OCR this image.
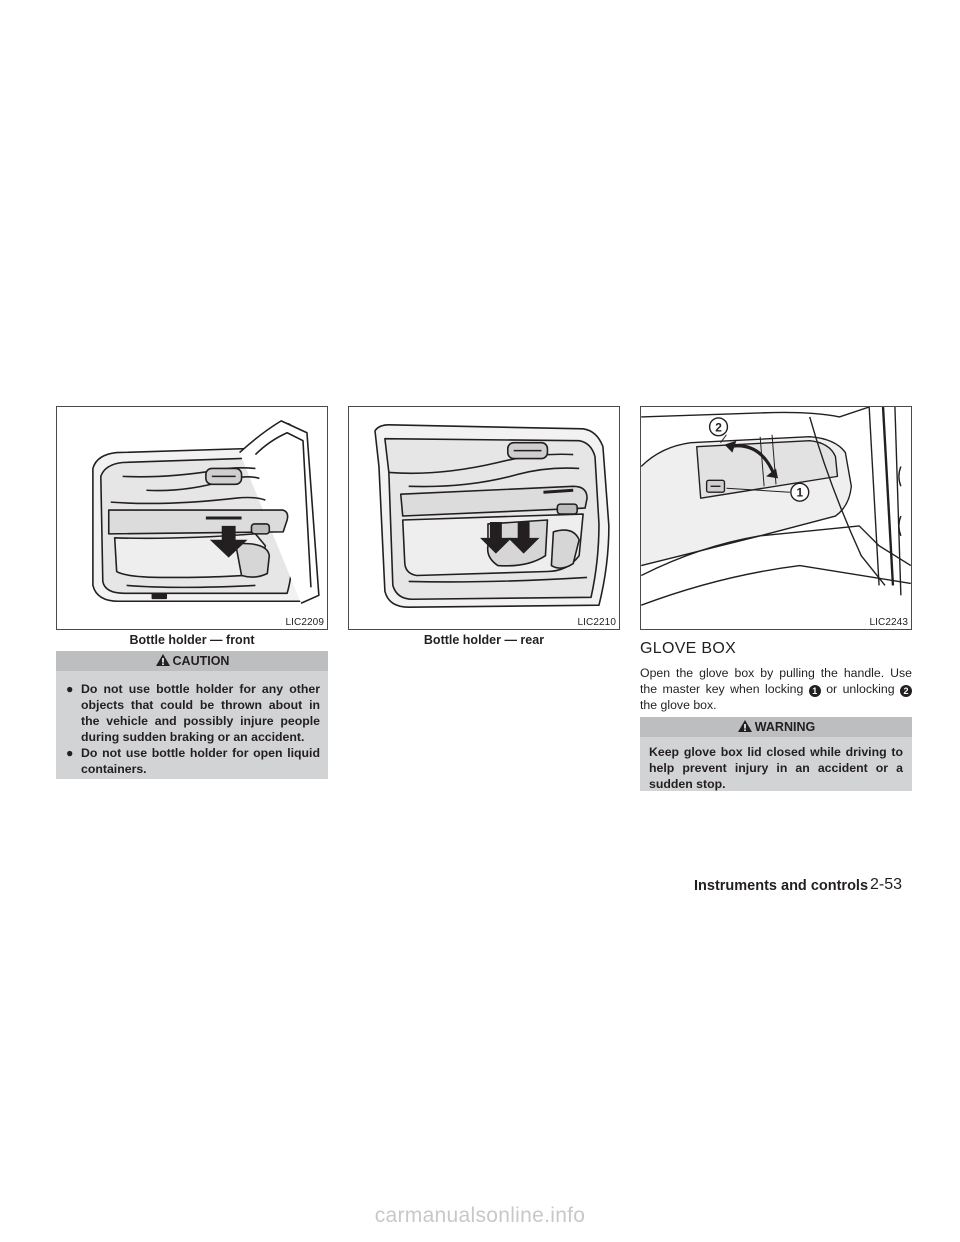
LIC2209
Bottle holder — front
LIC2210
Bottle holder — rear
2
1
LIC2243
CAUTION
● Do not use bottle holder for any other objects that could be thrown about in the vehicle and possibly injure people during sudden braking or an accident.
● Do not use bottle holder for open liquid containers.
GLOVE BOX
Open the glove box by pulling the handle. Use the master key when locking 1 or unlocking 2 the glove box.
WARNING
Keep glove box lid closed while driving to help prevent injury in an accident or a sudden stop.
Instruments and controls 2-53
carmanualsonline.info
